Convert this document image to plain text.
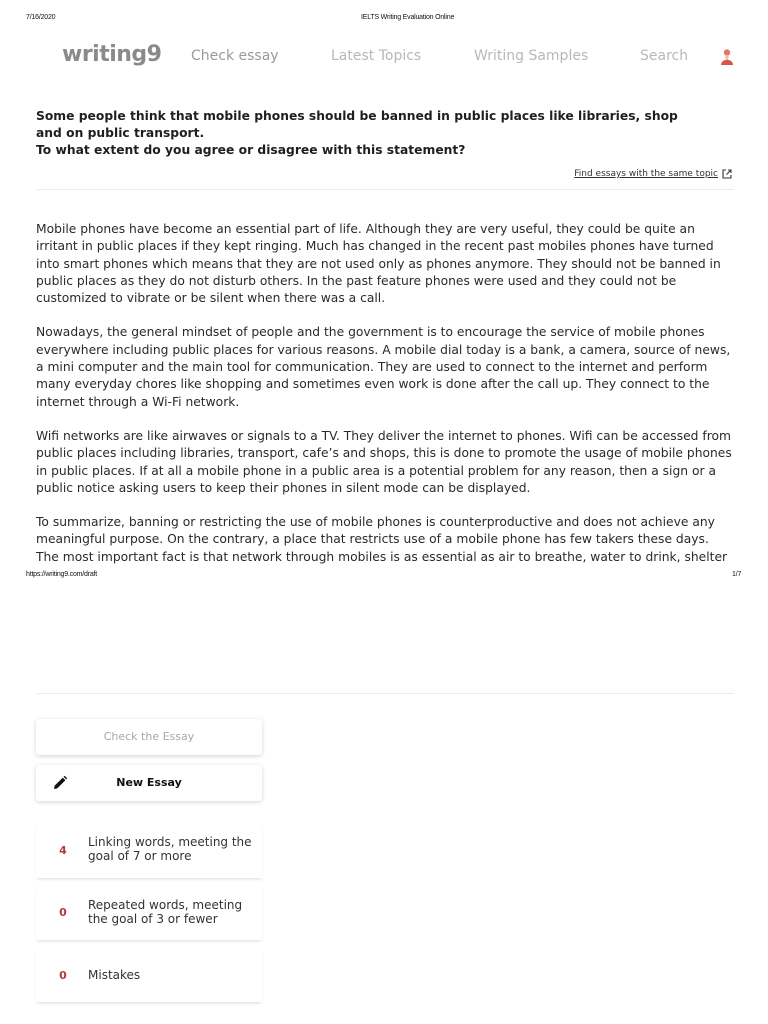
7/16/2020	IELTS Writing Evaluation Online
writing9 Check essay	Latest Topics	Writing Samples	Search
Some people think that mobile phones should be banned in public places like libraries, shop and on public transport.
To what extent do you agree or disagree with this statement?
Find essays with the same topic

Mobile phones have become an essential part of life. Although they are very useful, they could be quite an irritant in public places if they kept ringing. Much has changed in the recent past mobiles phones have turned into smart phones which means that they are not used only as phones anymore. They should not be banned in public places as they do not disturb others. In the past feature phones were used and they could not be customized to vibrate or be silent when there was a call.

Nowadays, the general mindset of people and the government is to encourage the service of mobile phones everywhere including public places for various reasons. A mobile dial today is a bank, a camera, source of news, a mini computer and the main tool for communication. They are used to connect to the internet and perform many everyday chores like shopping and sometimes even work is done after the call up. They connect to the internet through a Wi-Fi network.

Wifi networks are like airwaves or signals to a TV. They deliver the internet to phones. Wifi can be accessed from public places including libraries, transport, cafe’s and shops, this is done to promote the usage of mobile phones in public places. If at all a mobile phone in a public area is a potential problem for any reason, then a sign or a public notice asking users to keep their phones in silent mode can be displayed.

To summarize, banning or restricting the use of mobile phones is counterproductive and does not achieve any meaningful purpose. On the contrary, a place that restricts use of a mobile phone has few takers these days. The most important fact is that network through mobiles is as essential as air to breathe, water to drink, shelter

https://writing9.com/draft	1/7

Check the Essay
New Essay
4
Linking words, meeting the goal of 7 or more
0
Repeated words, meeting the goal of 3 or fewer
0 Mistakes
